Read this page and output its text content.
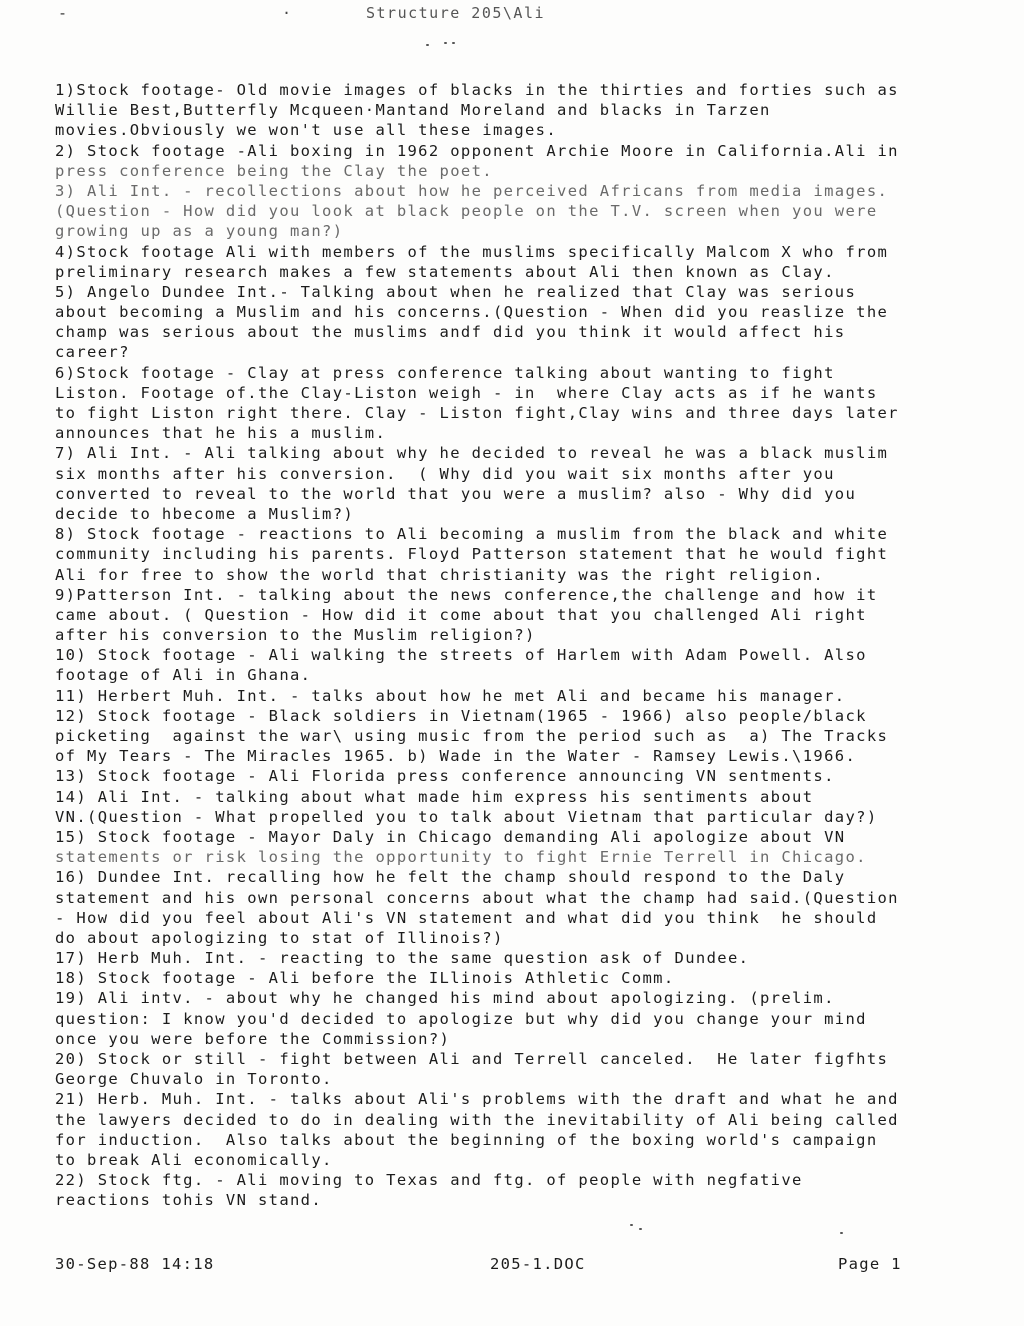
-	·	Structure 205\Ali
1)Stock footage- Old movie images of blacks in the thirties and forties such as
Willie Best,Butterfly Mcqueen·Mantand Moreland and blacks in Tarzen
movies.Obviously we won't use all these images.
2) Stock footage -Ali boxing in 1962 opponent Archie Moore in California.Ali in
press conference being the Clay the poet.
3) Ali Int. - recollections about how he perceived Africans from media images.
(Question - How did you look at black people on the T.V. screen when you were
growing up as a young man?)
4)Stock footage Ali with members of the muslims specifically Malcom X who from
preliminary research makes a few statements about Ali then known as Clay.
5) Angelo Dundee Int.- Talking about when he realized that Clay was serious
about becoming a Muslim and his concerns.(Question - When did you reaslize the
champ was serious about the muslims andf did you think it would affect his
career?
6)Stock footage - Clay at press conference talking about wanting to fight
Liston. Footage of.the Clay-Liston weigh - in  where Clay acts as if he wants
to fight Liston right there. Clay - Liston fight,Clay wins and three days later
announces that he his a muslim.
7) Ali Int. - Ali talking about why he decided to reveal he was a black muslim
six months after his conversion.  ( Why did you wait six months after you
converted to reveal to the world that you were a muslim? also - Why did you
decide to hbecome a Muslim?)
8) Stock footage - reactions to Ali becoming a muslim from the black and white
community including his parents. Floyd Patterson statement that he would fight
Ali for free to show the world that christianity was the right religion.
9)Patterson Int. - talking about the news conference,the challenge and how it
came about. ( Question - How did it come about that you challenged Ali right
after his conversion to the Muslim religion?)
10) Stock footage - Ali walking the streets of Harlem with Adam Powell. Also
footage of Ali in Ghana.
11) Herbert Muh. Int. - talks about how he met Ali and became his manager.
12) Stock footage - Black soldiers in Vietnam(1965 - 1966) also people/black
picketing  against the war\ using music from the period such as  a) The Tracks
of My Tears - The Miracles 1965. b) Wade in the Water - Ramsey Lewis.\1966.
13) Stock footage - Ali Florida press conference announcing VN sentments.
14) Ali Int. - talking about what made him express his sentiments about
VN.(Question - What propelled you to talk about Vietnam that particular day?)
15) Stock footage - Mayor Daly in Chicago demanding Ali apologize about VN
statements or risk losing the opportunity to fight Ernie Terrell in Chicago.
16) Dundee Int. recalling how he felt the champ should respond to the Daly
statement and his own personal concerns about what the champ had said.(Question
- How did you feel about Ali's VN statement and what did you think  he should
do about apologizing to stat of Illinois?)
17) Herb Muh. Int. - reacting to the same question ask of Dundee.
18) Stock footage - Ali before the ILlinois Athletic Comm.
19) Ali intv. - about why he changed his mind about apologizing. (prelim.
question: I know you'd decided to apologize but why did you change your mind
once you were before the Commission?)
20) Stock or still - fight between Ali and Terrell canceled.  He later figfhts
George Chuvalo in Toronto.
21) Herb. Muh. Int. - talks about Ali's problems with the draft and what he and
the lawyers decided to do in dealing with the inevitability of Ali being called
for induction.  Also talks about the beginning of the boxing world's campaign
to break Ali economically.
22) Stock ftg. - Ali moving to Texas and ftg. of people with negfative
reactions tohis VN stand.
30-Sep-88 14:18	205-1.DOC	Page 1
